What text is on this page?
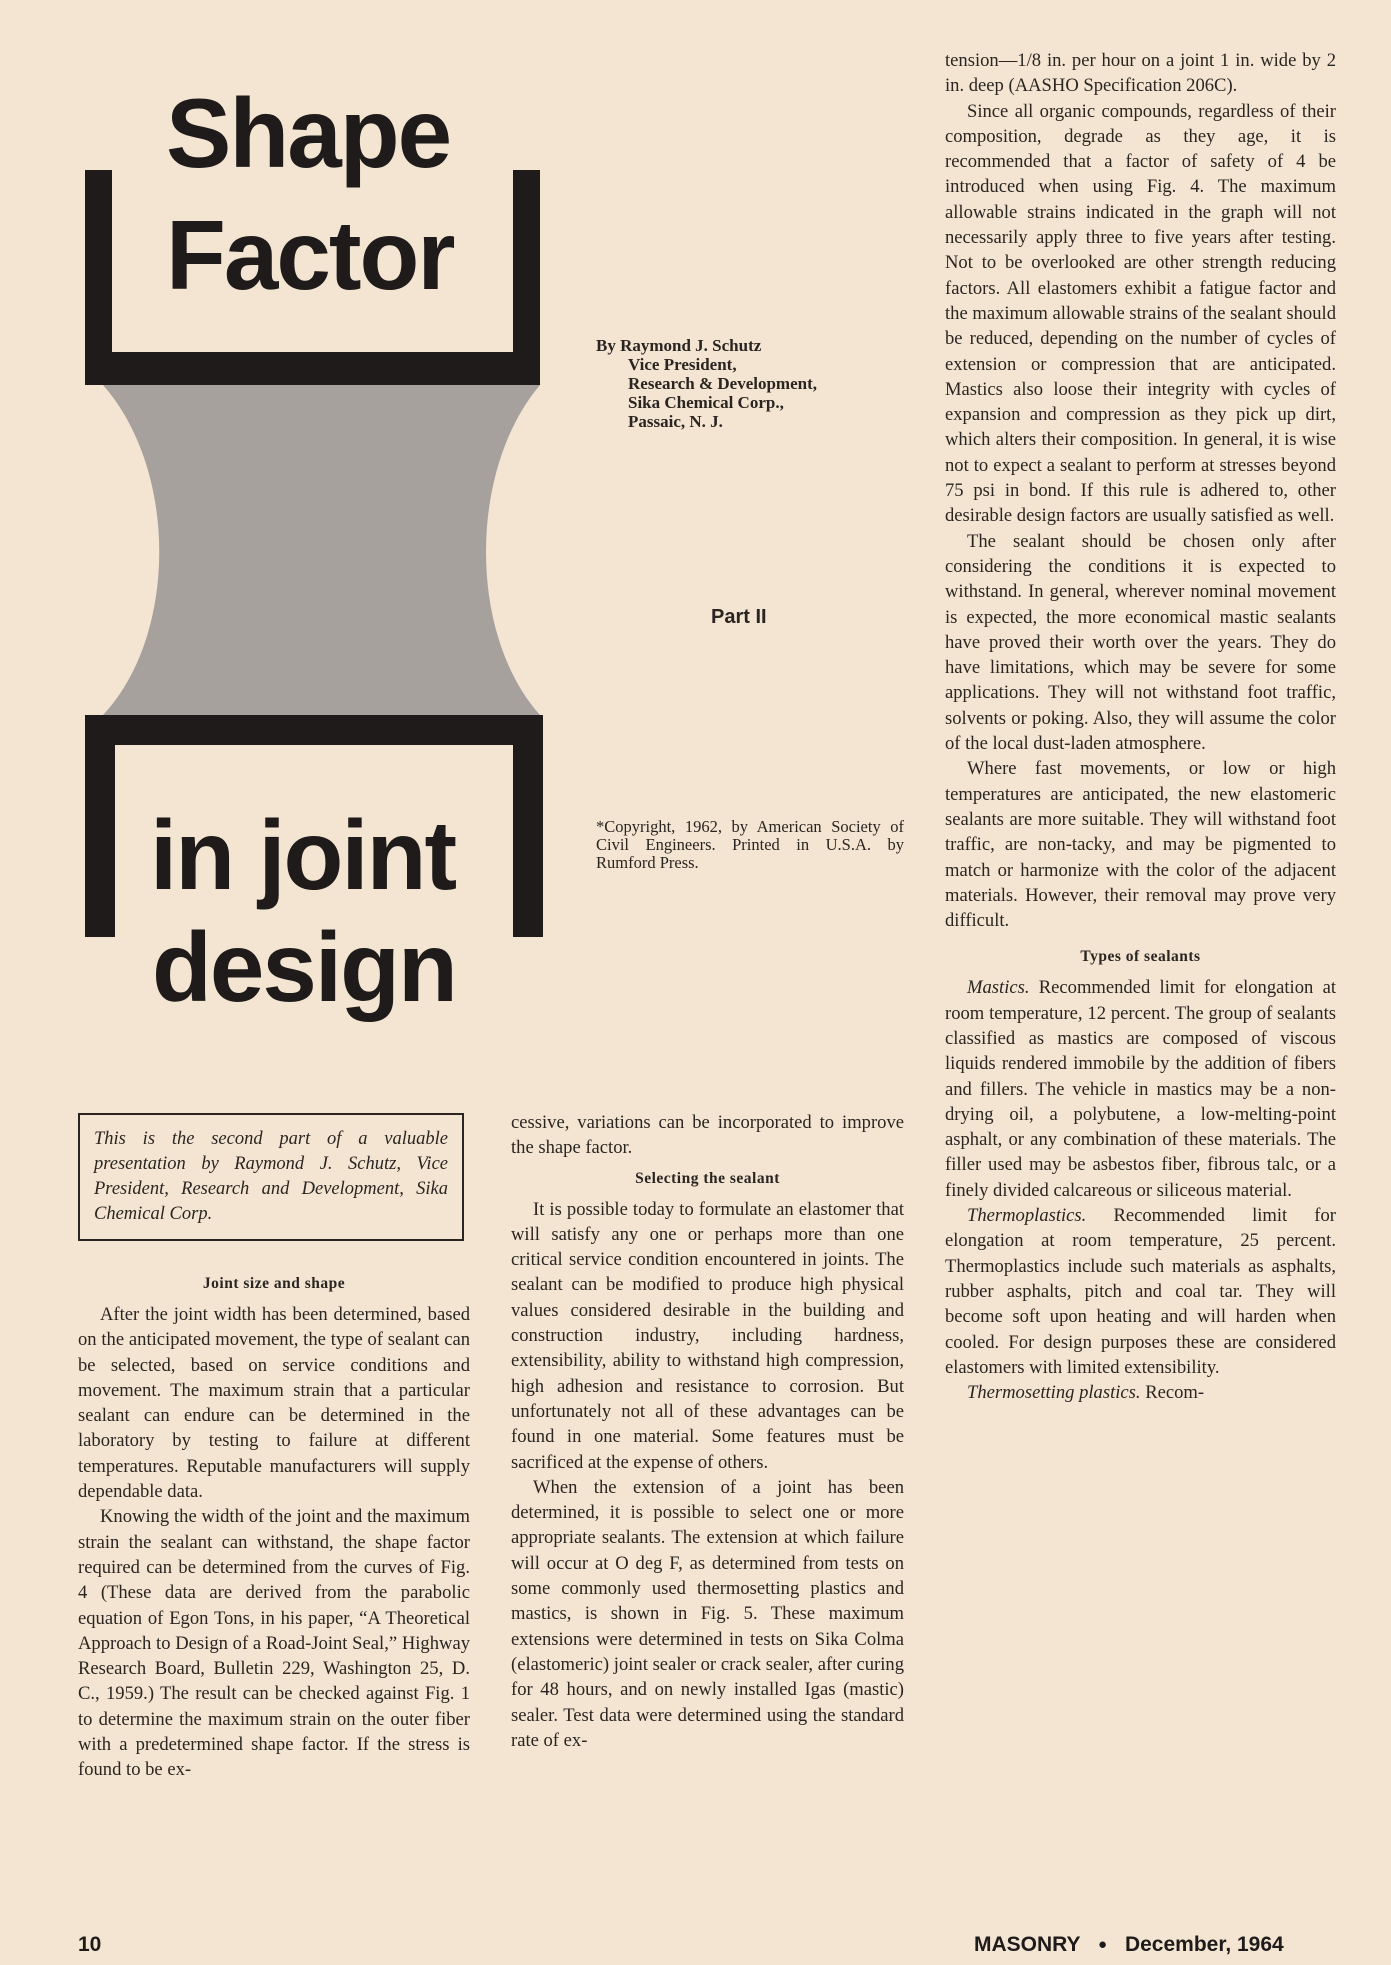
Shape
Factor
in joint
design
By Raymond J. Schutz
Vice President,
Research & Development,
Sika Chemical Corp.,
Passaic, N. J.
Part II
*Copyright, 1962, by American Society of Civil Engineers. Printed in U.S.A. by Rumford Press.
This is the second part of a valuable presentation by Raymond J. Schutz, Vice President, Research and Development, Sika Chemical Corp.
Joint size and shape

After the joint width has been determined, based on the anticipated movement, the type of sealant can be selected, based on service conditions and movement. The maximum strain that a particular sealant can endure can be determined in the laboratory by testing to failure at different temperatures. Reputable manufacturers will supply dependable data.

Knowing the width of the joint and the maximum strain the sealant can withstand, the shape factor required can be determined from the curves of Fig. 4 (These data are derived from the parabolic equation of Egon Tons, in his paper, “A Theoretical Approach to Design of a Road-Joint Seal,” Highway Research Board, Bulletin 229, Washington 25, D. C., 1959.) The result can be checked against Fig. 1 to determine the maximum strain on the outer fiber with a predetermined shape factor. If the stress is found to be ex-

cessive, variations can be incorporated to improve the shape factor.

Selecting the sealant

It is possible today to formulate an elastomer that will satisfy any one or perhaps more than one critical service condition encountered in joints. The sealant can be modified to produce high physical values considered desirable in the building and construction industry, including hardness, extensibility, ability to withstand high compression, high adhesion and resistance to corrosion. But unfortunately not all of these advantages can be found in one material. Some features must be sacrificed at the expense of others.

When the extension of a joint has been determined, it is possible to select one or more appropriate sealants. The extension at which failure will occur at O deg F, as determined from tests on some commonly used thermosetting plastics and mastics, is shown in Fig. 5. These maximum extensions were determined in tests on Sika Colma (elastomeric) joint sealer or crack sealer, after curing for 48 hours, and on newly installed Igas (mastic) sealer. Test data were determined using the standard rate of ex-

tension—1/8 in. per hour on a joint 1 in. wide by 2 in. deep (AASHO Specification 206C).

Since all organic compounds, regardless of their composition, degrade as they age, it is recommended that a factor of safety of 4 be introduced when using Fig. 4. The maximum allowable strains indicated in the graph will not necessarily apply three to five years after testing. Not to be overlooked are other strength reducing factors. All elastomers exhibit a fatigue factor and the maximum allowable strains of the sealant should be reduced, depending on the number of cycles of extension or compression that are anticipated. Mastics also loose their integrity with cycles of expansion and compression as they pick up dirt, which alters their composition. In general, it is wise not to expect a sealant to perform at stresses beyond 75 psi in bond. If this rule is adhered to, other desirable design factors are usually satisfied as well.

The sealant should be chosen only after considering the conditions it is expected to withstand. In general, wherever nominal movement is expected, the more economical mastic sealants have proved their worth over the years. They do have limitations, which may be severe for some applications. They will not withstand foot traffic, solvents or poking. Also, they will assume the color of the local dust-laden atmosphere.

Where fast movements, or low or high temperatures are anticipated, the new elastomeric sealants are more suitable. They will withstand foot traffic, are non-tacky, and may be pigmented to match or harmonize with the color of the adjacent materials. However, their removal may prove very difficult.

Types of sealants

Mastics. Recommended limit for elongation at room temperature, 12 percent. The group of sealants classified as mastics are composed of viscous liquids rendered immobile by the addition of fibers and fillers. The vehicle in mastics may be a non-drying oil, a polybutene, a low-melting-point asphalt, or any combination of these materials. The filler used may be asbestos fiber, fibrous talc, or a finely divided calcareous or siliceous material.

Thermoplastics. Recommended limit for elongation at room temperature, 25 percent. Thermoplastics include such materials as asphalts, rubber asphalts, pitch and coal tar. They will become soft upon heating and will harden when cooled. For design purposes these are considered elastomers with limited extensibility.

Thermosetting plastics. Recom-

10	MASONRY ● December, 1964
